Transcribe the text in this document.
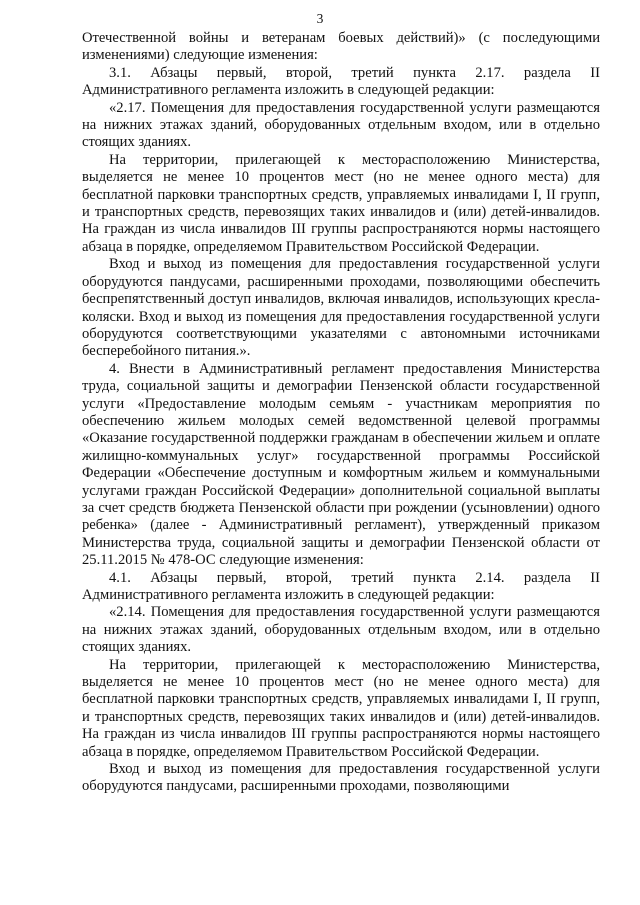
3

Отечественной войны и ветеранам боевых действий)» (с последующими изменениями) следующие изменения:

3.1. Абзацы первый, второй, третий пункта 2.17. раздела II Административного регламента изложить в следующей редакции:

«2.17. Помещения для предоставления государственной услуги размещаются на нижних этажах зданий, оборудованных отдельным входом, или в отдельно стоящих зданиях.

На территории, прилегающей к месторасположению Министерства, выделяется не менее 10 процентов мест (но не менее одного места) для бесплатной парковки транспортных средств, управляемых инвалидами I, II групп, и транспортных средств, перевозящих таких инвалидов и (или) детей-инвалидов. На граждан из числа инвалидов III группы распространяются нормы настоящего абзаца в порядке, определяемом Правительством Российской Федерации.

Вход и выход из помещения для предоставления государственной услуги оборудуются пандусами, расширенными проходами, позволяющими обеспечить беспрепятственный доступ инвалидов, включая инвалидов, использующих кресла-коляски. Вход и выход из помещения для предоставления государственной услуги оборудуются соответствующими указателями с автономными источниками бесперебойного питания.».

4. Внести в Административный регламент предоставления Министерства труда, социальной защиты и демографии Пензенской области государственной услуги «Предоставление молодым семьям - участникам мероприятия по обеспечению жильем молодых семей ведомственной целевой программы «Оказание государственной поддержки гражданам в обеспечении жильем и оплате жилищно-коммунальных услуг» государственной программы Российской Федерации «Обеспечение доступным и комфортным жильем и коммунальными услугами граждан Российской Федерации» дополнительной социальной выплаты за счет средств бюджета Пензенской области при рождении (усыновлении) одного ребенка» (далее - Административный регламент), утвержденный приказом Министерства труда, социальной защиты и демографии Пензенской области от 25.11.2015 № 478-ОС следующие изменения:

4.1. Абзацы первый, второй, третий пункта 2.14. раздела II Административного регламента изложить в следующей редакции:

«2.14. Помещения для предоставления государственной услуги размещаются на нижних этажах зданий, оборудованных отдельным входом, или в отдельно стоящих зданиях.

На территории, прилегающей к месторасположению Министерства, выделяется не менее 10 процентов мест (но не менее одного места) для бесплатной парковки транспортных средств, управляемых инвалидами I, II групп, и транспортных средств, перевозящих таких инвалидов и (или) детей-инвалидов. На граждан из числа инвалидов III группы распространяются нормы настоящего абзаца в порядке, определяемом Правительством Российской Федерации.

Вход и выход из помещения для предоставления государственной услуги оборудуются пандусами, расширенными проходами, позволяющими
